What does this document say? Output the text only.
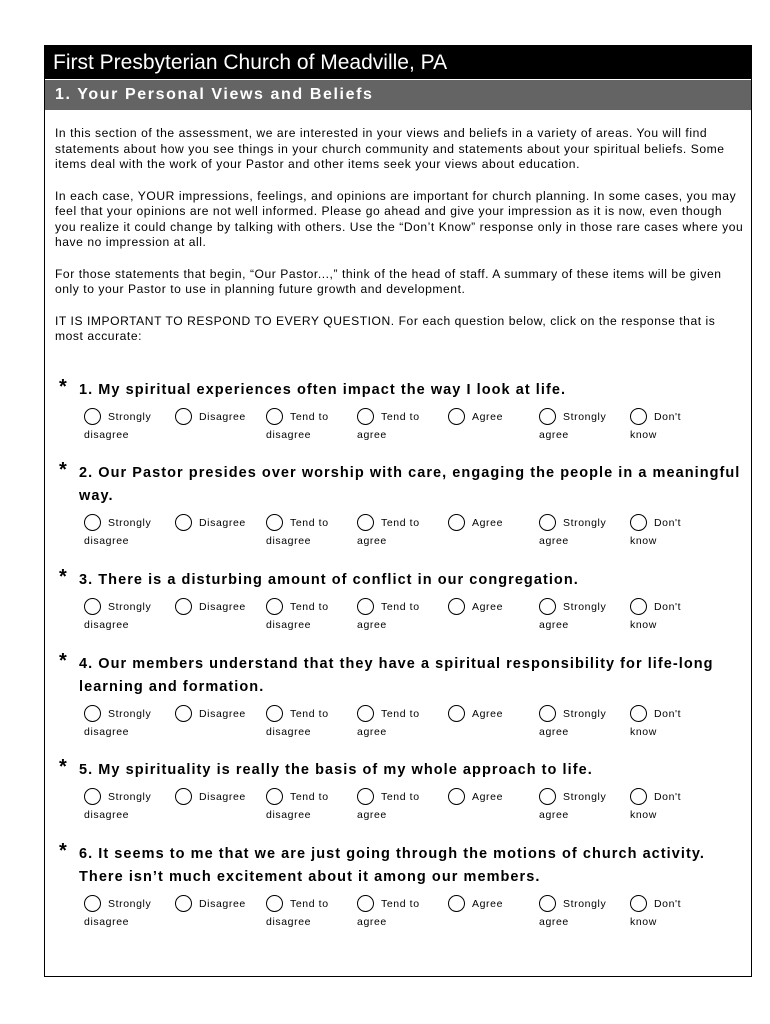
First Presbyterian Church of Meadville, PA
1. Your Personal Views and Beliefs

In this section of the assessment, we are interested in your views and beliefs in a variety of areas. You will find statements about how you see things in your church community and statements about your spiritual beliefs. Some items deal with the work of your Pastor and other items seek your views about education.

In each case, YOUR impressions, feelings, and opinions are important for church planning. In some cases, you may feel that your opinions are not well informed. Please go ahead and give your impression as it is now, even though you realize it could change by talking with others. Use the “Don’t Know” response only in those rare cases where you have no impression at all.

For those statements that begin, “Our Pastor...,” think of the head of staff. A summary of these items will be given only to your Pastor to use in planning future growth and development.

IT IS IMPORTANT TO RESPOND TO EVERY QUESTION. For each question below, click on the response that is most accurate:

* 1. My spiritual experiences often impact the way I look at life.
Strongly
disagree
Disagree	Tend to
disagree
Tend to
agree
Agree	Strongly
agree
Don't
know
* 2. Our Pastor presides over worship with care, engaging the people in a meaningful way.
Strongly
disagree
Disagree	Tend to
disagree
Tend to
agree
Agree	Strongly
agree
Don't
know
* 3. There is a disturbing amount of conflict in our congregation.
Strongly
disagree
Disagree	Tend to
disagree
Tend to
agree
Agree	Strongly
agree
Don't
know
* 4. Our members understand that they have a spiritual responsibility for life-long learning and formation.
Strongly
disagree
Disagree	Tend to
disagree
Tend to
agree
Agree	Strongly
agree
Don't
know
* 5. My spirituality is really the basis of my whole approach to life.
Strongly
disagree
Disagree	Tend to
disagree
Tend to
agree
Agree	Strongly
agree
Don't
know
* 6. It seems to me that we are just going through the motions of church activity. There isn’t much excitement about it among our members.
Strongly
disagree
Disagree	Tend to
disagree
Tend to
agree
Agree	Strongly
agree
Don't
know
